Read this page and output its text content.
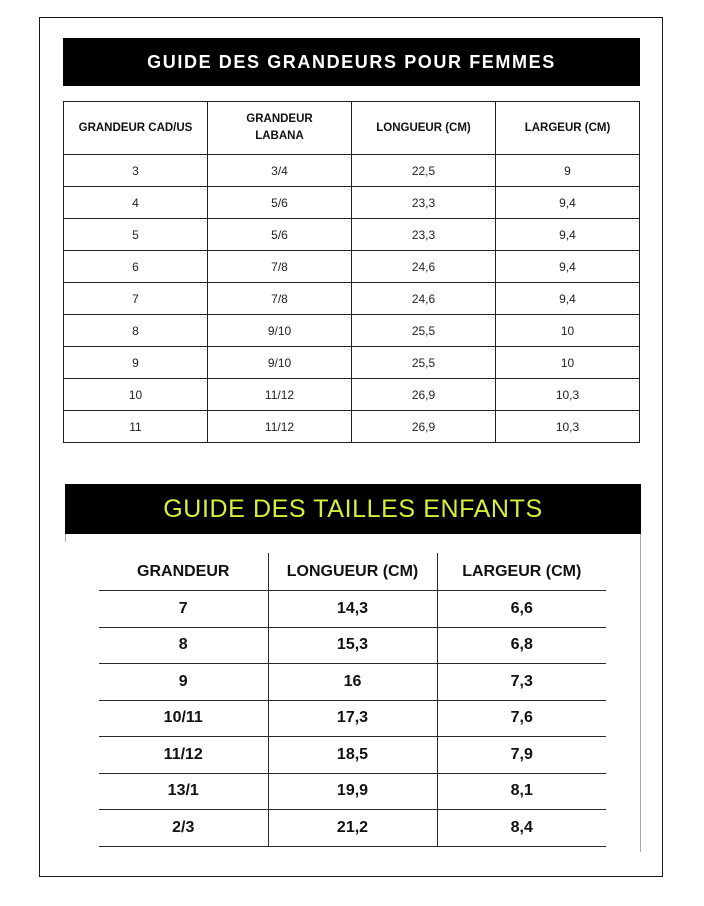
GUIDE DES GRANDEURS POUR FEMMES
GRANDEUR CAD/US	GRANDEUR LABANA	LONGUEUR (CM)	LARGEUR (CM)
3	3/4	22,5	9
4	5/6	23,3	9,4
5	5/6	23,3	9,4
6	7/8	24,6	9,4
7	7/8	24,6	9,4
8	9/10	25,5	10
9	9/10	25,5	10
10	11/12	26,9	10,3
11	11/12	26,9	10,3
GUIDE DES TAILLES ENFANTS
GRANDEUR	LONGUEUR (CM)	LARGEUR (CM)
7	14,3	6,6
8	15,3	6,8
9	16	7,3
10/11	17,3	7,6
11/12	18,5	7,9
13/1	19,9	8,1
2/3	21,2	8,4
